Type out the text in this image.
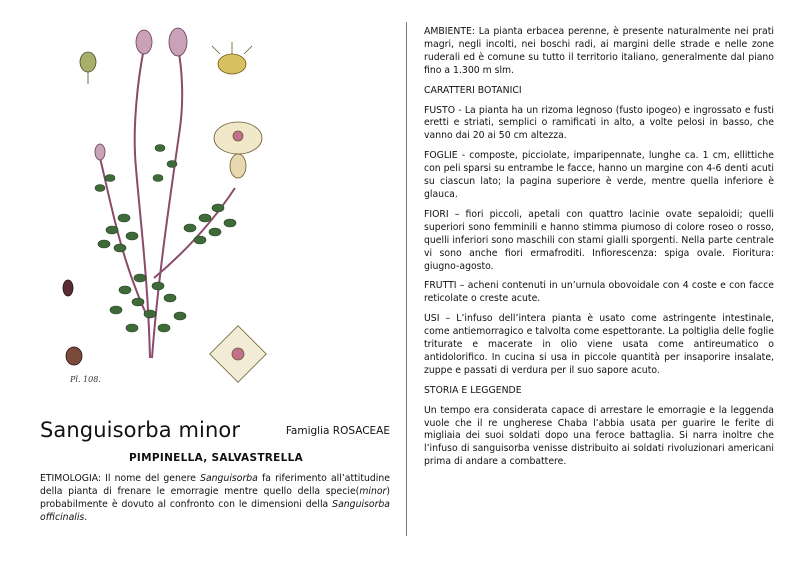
Pl. 108.
Sanguisorba minor	Famiglia ROSACEAE
PIMPINELLA, SALVASTRELLA
ETIMOLOGIA: Il nome del genere Sanguisorba fa riferimento all’attitudine della pianta di frenare le emorragie mentre quello della specie(minor) probabilmente è dovuto al confronto con le dimensioni della Sanguisorba officinalis.

AMBIENTE: La pianta erbacea perenne, è presente naturalmente nei prati magri, negli incolti, nei boschi radi, ai margini delle strade e nelle zone ruderali ed è comune su tutto il territorio italiano, generalmente dal piano fino a 1.300 m slm.

CARATTERI BOTANICI

FUSTO - La pianta ha un rizoma legnoso (fusto ipogeo) e ingrossato e fusti eretti e striati, semplici o ramificati in alto, a volte pelosi in basso, che vanno dai 20 ai 50 cm altezza.

FOGLIE - composte, picciolate, imparipennate, lunghe ca. 1 cm, ellittiche con peli sparsi su entrambe le facce, hanno un margine con 4-6 denti acuti su ciascun lato; la pagina superiore è verde, mentre quella inferiore è glauca.

FIORI – fiori piccoli, apetali con quattro lacinie ovate sepaloidi; quelli superiori sono femminili e hanno stimma piumoso di colore roseo o rosso, quelli inferiori sono maschili con stami gialli sporgenti. Nella parte centrale vi sono anche fiori ermafroditi. Infiorescenza: spiga ovale. Fioritura: giugno-agosto.

FRUTTI – acheni contenuti in un’urnula obovoidale con 4 coste e con facce reticolate o creste acute.

USI – L’infuso dell’intera pianta è usato come astringente intestinale, come antiemorragico e talvolta come espettorante. La poltiglia delle foglie triturate e macerate in olio viene usata come antireumatico o antidolorifico. In cucina si usa in piccole quantità per insaporire insalate, zuppe e passati di verdura per il suo sapore acuto.

STORIA E LEGGENDE

Un tempo era considerata capace di arrestare le emorragie e la leggenda vuole che il re ungherese Chaba l’abbia usata per guarire le ferite di migliaia dei suoi soldati dopo una feroce battaglia. Si narra inoltre che l’infuso di sanguisorba venisse distribuito ai soldati rivoluzionari americani prima di andare a combattere.
